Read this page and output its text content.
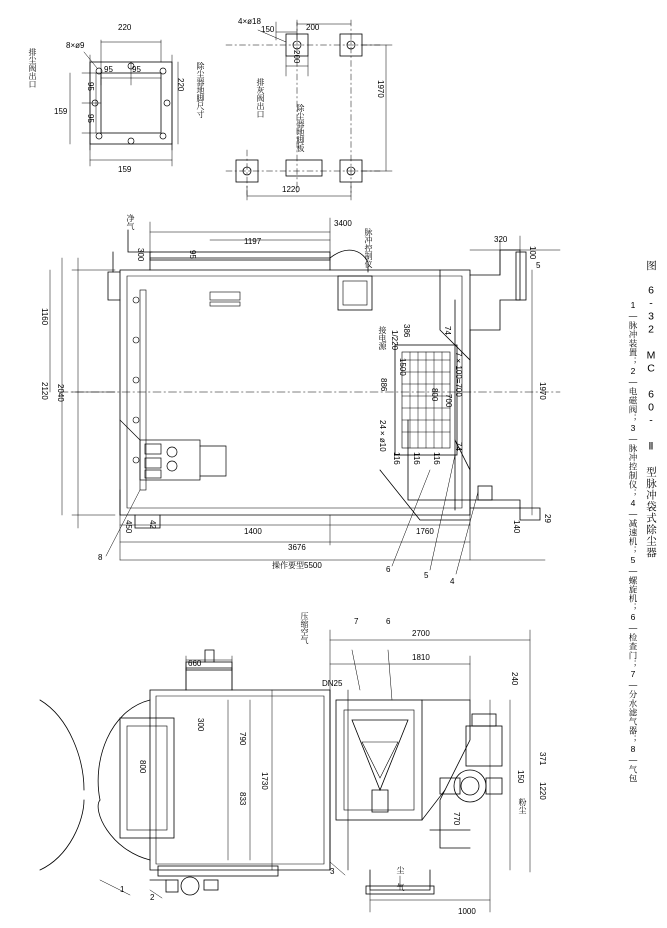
排尘阀出口
8×ø9
220
95 95
159
95
95
220
159
除尘器地脚尺寸
4×ø18
150	200
200
1970
排灰阀出口
除尘器地脚板
1220
净气
300	95
1197
3400
脉冲控制仪	320
100
5
1160
2120 2040	1970
接电源 1/220 386	74
886
1500
800 700
7×100=700
24×ø10	74
116 116 116
450 42
1400	1760	140
29
3676
操作要型5500
8
6
5
4
压缩空气	7	6
2700
1810
660
DN25	240
300
790
800
1730
833
371
150
1220
粉尘
770
1
2
3	尘 气
1000
图 6-32 MC 60- Ⅱ 型脉冲袋式除尘器
1—脉冲装置；2—电磁阀；3—脉冲控制仪；4—减速机；5—螺旋机；6—检查门；7—分水滤气器；8—气包
